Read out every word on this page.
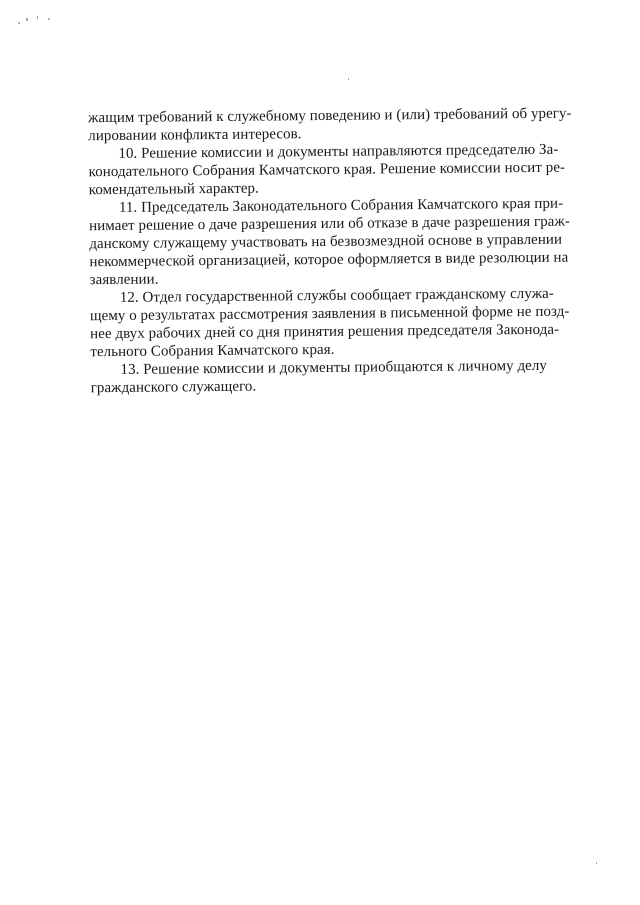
жащим требований к служебному поведению и (или) требований об урегу-
лировании конфликта интересов.
10. Решение комиссии и документы направляются председателю За-
конодательного Собрания Камчатского края. Решение комиссии носит ре-
комендательный характер.
11. Председатель Законодательного Собрания Камчатского края при-
нимает решение о даче разрешения или об отказе в даче разрешения граж-
данскому служащему участвовать на безвозмездной основе в управлении
некоммерческой организацией, которое оформляется в виде резолюции на
заявлении.
12. Отдел государственной службы сообщает гражданскому служа-
щему о результатах рассмотрения заявления в письменной форме не позд-
нее двух рабочих дней со дня принятия решения председателя Законода-
тельного Собрания Камчатского края.
13. Решение комиссии и документы приобщаются к личному делу
гражданского служащего.
